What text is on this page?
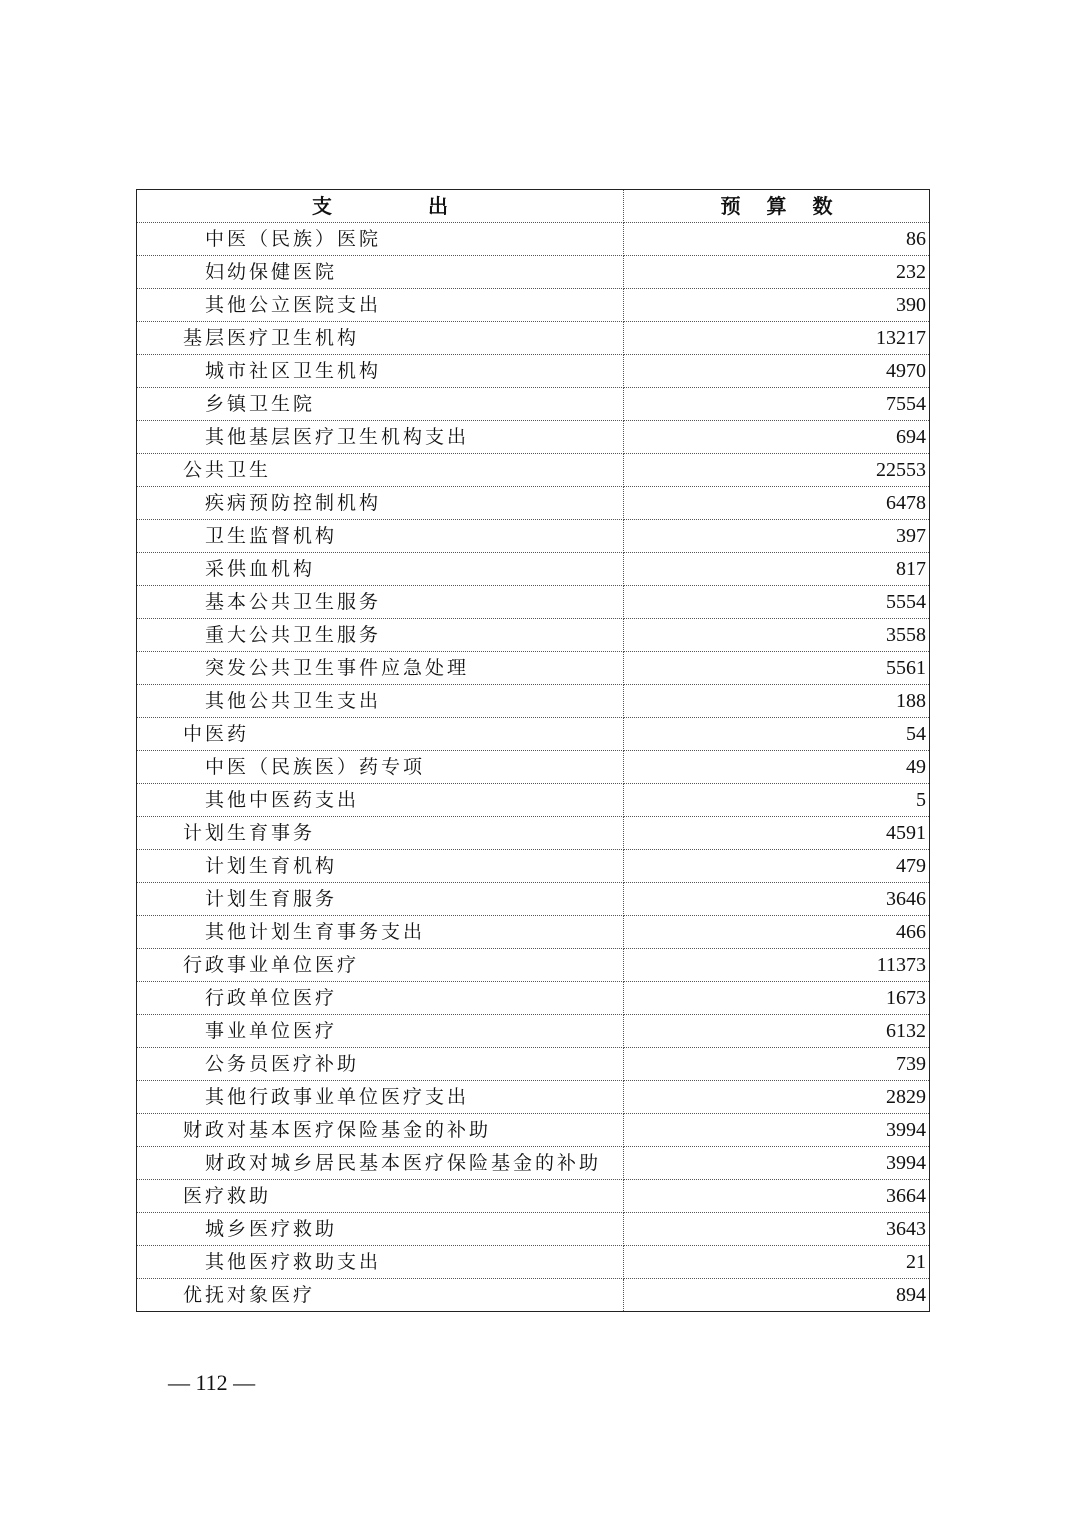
支出	预算数
中医（民族）医院	86
妇幼保健医院	232
其他公立医院支出	390
基层医疗卫生机构	13217
城市社区卫生机构	4970
乡镇卫生院	7554
其他基层医疗卫生机构支出	694
公共卫生	22553
疾病预防控制机构	6478
卫生监督机构	397
采供血机构	817
基本公共卫生服务	5554
重大公共卫生服务	3558
突发公共卫生事件应急处理	5561
其他公共卫生支出	188
中医药	54
中医（民族医）药专项	49
其他中医药支出	5
计划生育事务	4591
计划生育机构	479
计划生育服务	3646
其他计划生育事务支出	466
行政事业单位医疗	11373
行政单位医疗	1673
事业单位医疗	6132
公务员医疗补助	739
其他行政事业单位医疗支出	2829
财政对基本医疗保险基金的补助	3994
财政对城乡居民基本医疗保险基金的补助	3994
医疗救助	3664
城乡医疗救助	3643
其他医疗救助支出	21
优抚对象医疗	894
— 112 —
